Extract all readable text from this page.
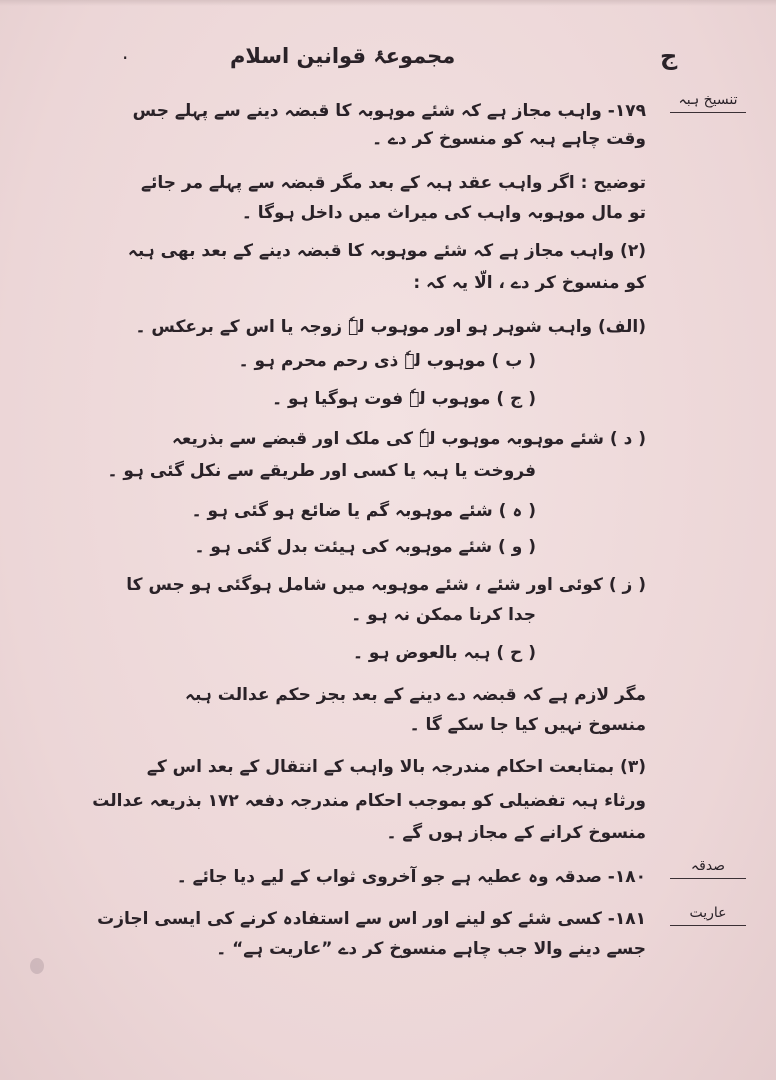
.	مجموعۂ قوانین اسلام	ج
تنسیخ ہبہ
صدقہ
عاریت
۱۷۹- واہب مجاز ہے کہ شئے موہوبہ کا قبضہ دینے سے پہلے جس
وقت چاہے ہبہ کو منسوخ کر دے ۔
توضیح : اگر واہب عقد ہبہ کے بعد مگر قبضہ سے پہلے مر جائے
تو مال موہوبہ واہب کی میراث میں داخل ہوگا ۔
(۲) واہب مجاز ہے کہ شئے موہوبہ کا قبضہ دینے کے بعد بھی ہبہ
کو منسوخ کر دے ، الّا یہ کہ :
(الف) واہب شوہر ہو اور موہوب لہٗ زوجہ یا اس کے برعکس ۔
( ب ) موہوب لہٗ ذی رحم محرم ہو ۔
( ج ) موہوب لہٗ فوت ہوگیا ہو ۔
( د ) شئے موہوبہ موہوب لہٗ کی ملک اور قبضے سے بذریعہ
فروخت یا ہبہ یا کسی اور طریقے سے نکل گئی ہو ۔
( ہ ) شئے موہوبہ گم یا ضائع ہو گئی ہو ۔
( و ) شئے موہوبہ کی ہیئت بدل گئی ہو ۔
( ز ) کوئی اور شئے ، شئے موہوبہ میں شامل ہوگئی ہو جس کا
جدا کرنا ممکن نہ ہو ۔
( ح ) ہبہ بالعوض ہو ۔
مگر لازم ہے کہ قبضہ دے دینے کے بعد بجز حکم عدالت ہبہ
منسوخ نہیں کیا جا سکے گا ۔
(۳) بمتابعت احکام مندرجہ بالا واہب کے انتقال کے بعد اس کے
ورثاء ہبہ تفضیلی کو بموجب احکام مندرجہ دفعہ ۱۷۲ بذریعہ عدالت
منسوخ کرانے کے مجاز ہوں گے ۔
۱۸۰- صدقہ وہ عطیہ ہے جو آخروی ثواب کے لیے دیا جائے ۔
۱۸۱- کسی شئے کو لینے اور اس سے استفادہ کرنے کی ایسی اجازت
جسے دینے والا جب چاہے منسوخ کر دے ”عاریت ہے“ ۔
